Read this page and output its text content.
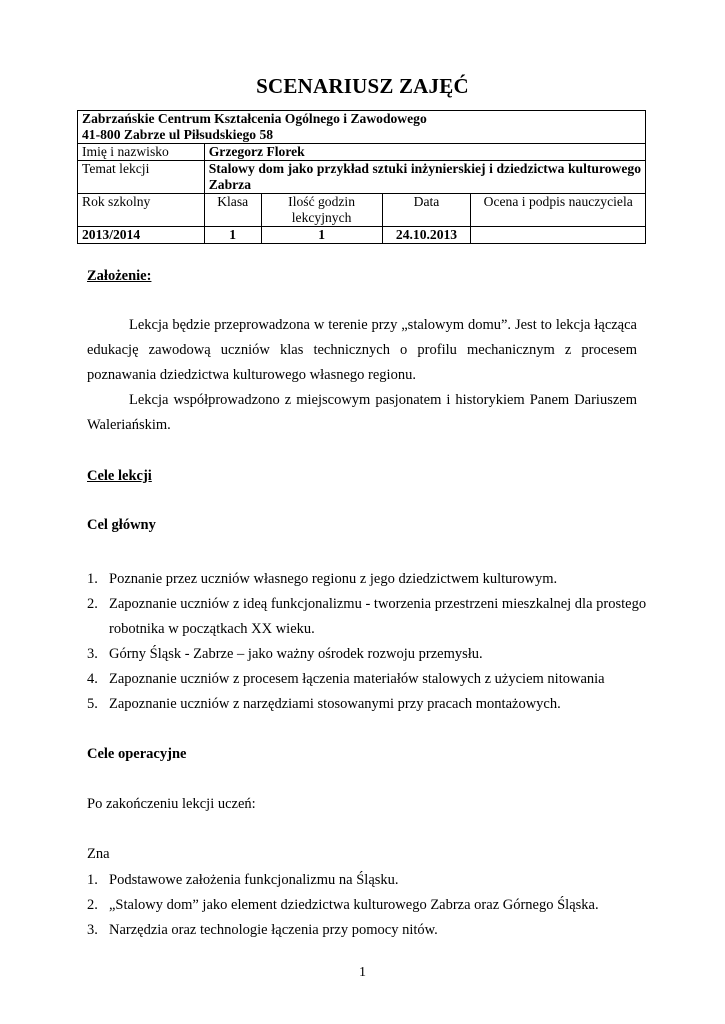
SCENARIUSZ ZAJĘĆ
Zabrzańskie Centrum Kształcenia Ogólnego i Zawodowego
41-800 Zabrze ul Piłsudskiego 58				

Imię i nazwisko	Grzegorz Florek			
Temat lekcji	Stalowy dom jako przykład sztuki inżynierskiej i dziedzictwa kulturowego Zabrza			
Rok szkolny	Klasa	Ilość godzin lekcyjnych	Data	Ocena i podpis nauczyciela
2013/2014	1	1	24.10.2013	
Założenie:
Lekcja będzie przeprowadzona w terenie przy „stalowym domu”. Jest to lekcja łącząca edukację zawodową uczniów klas technicznych o profilu mechanicznym z procesem poznawania dziedzictwa kulturowego własnego regionu.
Lekcja współprowadzono z miejscowym pasjonatem i historykiem Panem Dariuszem Waleriańskim.
Cele lekcji
Cel główny
1. Poznanie przez uczniów własnego regionu z jego dziedzictwem kulturowym.
2. Zapoznanie uczniów z ideą funkcjonalizmu - tworzenia przestrzeni mieszkalnej dla prostego robotnika w początkach XX wieku.
3. Górny Śląsk - Zabrze – jako ważny ośrodek rozwoju przemysłu.
4. Zapoznanie uczniów z procesem łączenia materiałów stalowych z użyciem nitowania
5. Zapoznanie uczniów z narzędziami stosowanymi przy pracach montażowych.
Cele operacyjne
Po zakończeniu lekcji uczeń:
Zna
1. Podstawowe założenia funkcjonalizmu na Śląsku.
2. „Stalowy dom” jako element dziedzictwa kulturowego Zabrza oraz Górnego Śląska.
3. Narzędzia oraz technologie łączenia przy pomocy nitów.
1
